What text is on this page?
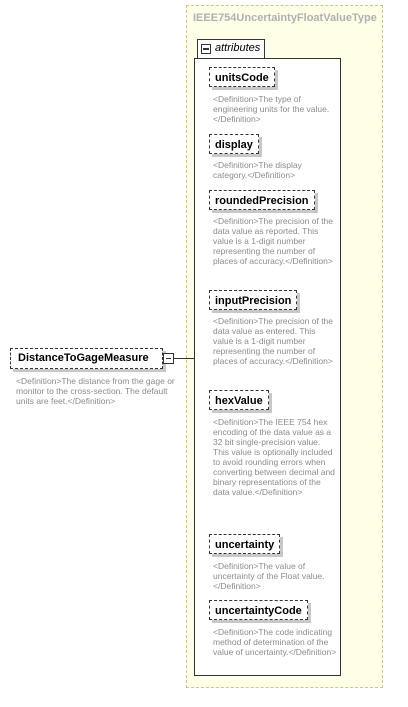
IEEE754UncertaintyFloatValueType
attributes
unitsCode
<Definition>The type of engineering units for the value.</Definition>
display
<Definition>The display category.</Definition>
roundedPrecision
<Definition>The precision of the data value as reported. This value is a 1-digit number representing the number of places of accuracy.</Definition>
inputPrecision
<Definition>The precision of the data value as entered. This value is a 1-digit number representing the number of places of accuracy.</Definition>
hexValue
<Definition>The IEEE 754 hex encoding of the data value as a 32 bit single-precision value. This value is optionally included to avoid rounding errors when converting between decimal and binary representations of the data value.</Definition>
uncertainty
<Definition>The value of uncertainty of the Float value.</Definition>
uncertaintyCode
<Definition>The code indicating method of determination of the value of uncertainty.</Definition>
DistanceToGageMeasure
<Definition>The distance from the gage or monitor to the cross-section. The default units are feet.</Definition>
